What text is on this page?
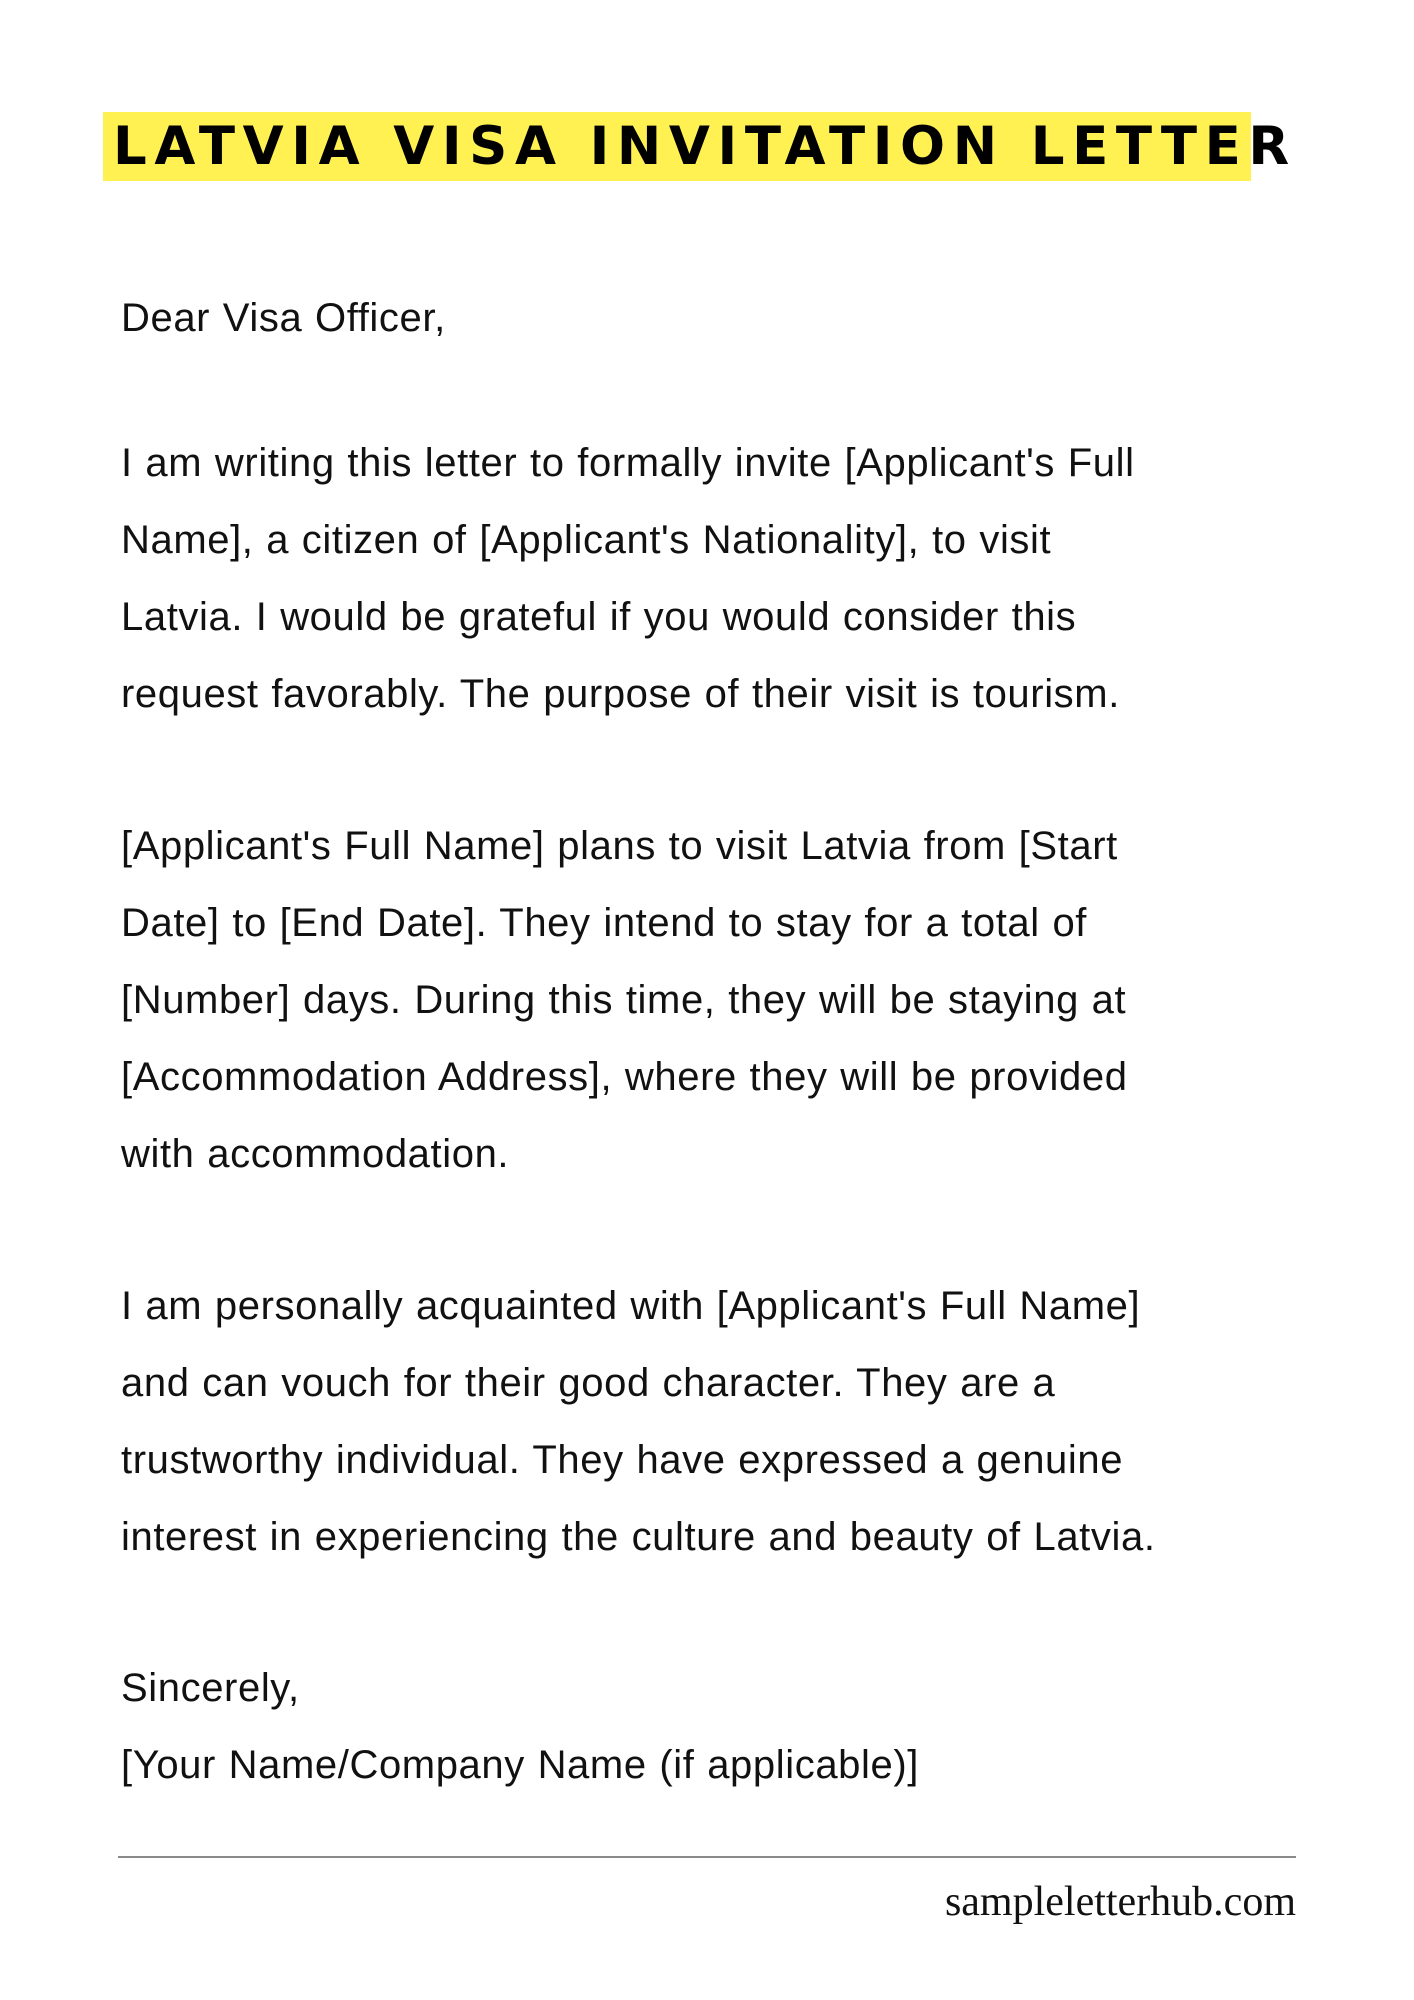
LATVIA VISA INVITATION LETTER
Dear Visa Officer,
I am writing this letter to formally invite [Applicant's Full
Name], a citizen of [Applicant's Nationality], to visit
Latvia. I would be grateful if you would consider this
request favorably. The purpose of their visit is tourism.
[Applicant's Full Name] plans to visit Latvia from [Start
Date] to [End Date]. They intend to stay for a total of
[Number] days. During this time, they will be staying at
[Accommodation Address], where they will be provided
with accommodation.
I am personally acquainted with [Applicant's Full Name]
and can vouch for their good character. They are a
trustworthy individual. They have expressed a genuine
interest in experiencing the culture and beauty of Latvia.
Sincerely,
[Your Name/Company Name (if applicable)]
sampleletterhub.com
